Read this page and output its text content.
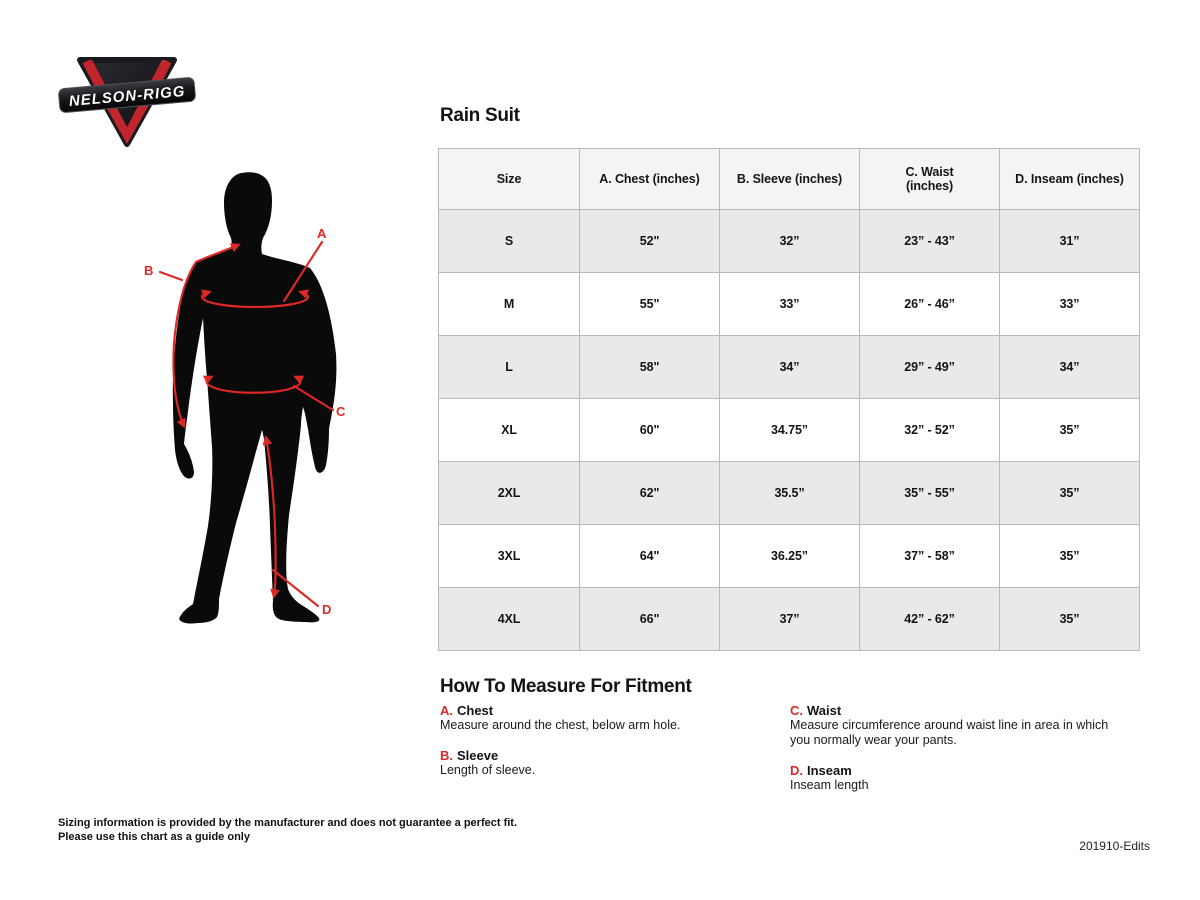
NELSON-RIGG
A
B
C
D
Rain Suit
Size	A. Chest (inches)	B. Sleeve (inches)	C. Waist
(inches)	D. Inseam (inches)
S	52"	32”	23” - 43”	31”
M	55"	33”	26” - 46”	33”
L	58"	34”	29” - 49”	34”
XL	60"	34.75”	32” - 52”	35”
2XL	62"	35.5”	35” - 55”	35”
3XL	64"	36.25”	37” - 58”	35”
4XL	66"	37”	42” - 62”	35”
How To Measure For Fitment
A. Chest
Measure around the chest, below arm hole.
B. Sleeve
Length of sleeve.
C. Waist
Measure circumference around waist line in area in which you normally wear your pants.
D. Inseam
Inseam length
Sizing information is provided by the manufacturer and does not guarantee a perfect fit.
Please use this chart as a guide only
201910-Edits
